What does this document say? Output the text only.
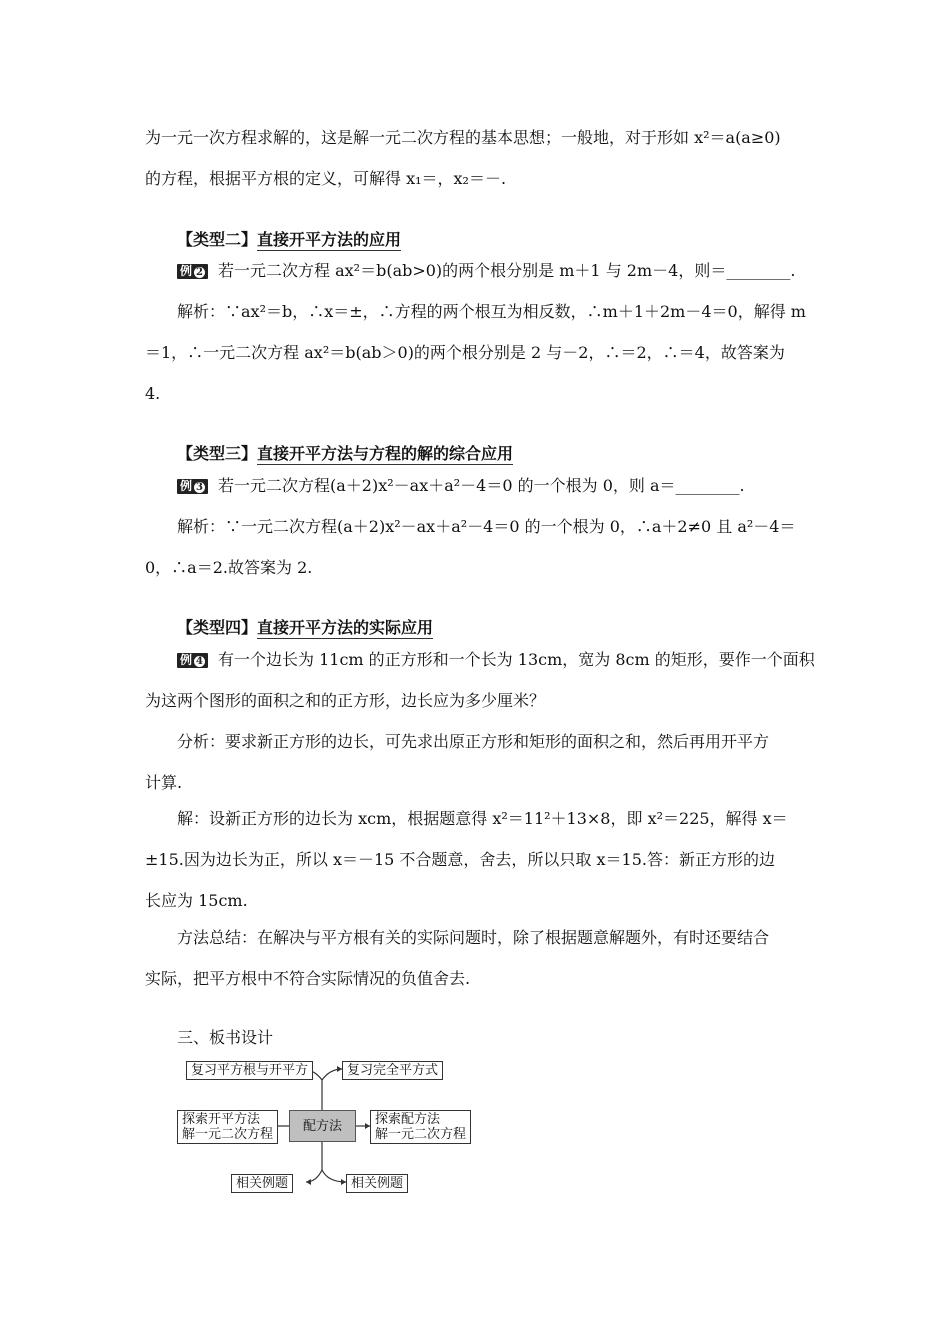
为一元一次方程求解的，这是解一元二次方程的基本思想；一般地，对于形如 x²＝a(a≥0)
的方程，根据平方根的定义，可解得 x₁＝，x₂＝－.
【类型二】直接开平方法的应用
例 2 若一元二次方程 ax²＝b(ab>0)的两个根分别是 m＋1 与 2m－4，则＝________.
解析：∵ax²＝b，∴x＝±，∴方程的两个根互为相反数，∴m＋1＋2m－4＝0，解得 m
＝1，∴一元二次方程 ax²＝b(ab＞0)的两个根分别是 2 与－2，∴＝2，∴＝4，故答案为
4.
【类型三】直接开平方法与方程的解的综合应用
例 3 若一元二次方程(a＋2)x²－ax＋a²－4＝0 的一个根为 0，则 a＝________.
解析：∵一元二次方程(a＋2)x²－ax＋a²－4＝0 的一个根为 0，∴a＋2≠0 且 a²－4＝
0，∴a＝2.故答案为 2.
【类型四】直接开平方法的实际应用
例 4 有一个边长为 11cm 的正方形和一个长为 13cm，宽为 8cm 的矩形，要作一个面积
为这两个图形的面积之和的正方形，边长应为多少厘米？
分析：要求新正方形的边长，可先求出原正方形和矩形的面积之和，然后再用开平方
计算.
解：设新正方形的边长为 xcm，根据题意得 x²＝11²＋13×8，即 x²＝225，解得 x＝
±15.因为边长为正，所以 x＝－15 不合题意，舍去，所以只取 x＝15.答：新正方形的边
长应为 15cm.
方法总结：在解决与平方根有关的实际问题时，除了根据题意解题外，有时还要结合
实际，把平方根中不符合实际情况的负值舍去.
三、板书设计
复习平方根与开平方	复习完全平方式
探索开平方法
解一元二次方程
配方法	探索配方法
解一元二次方程
相关例题	相关例题
